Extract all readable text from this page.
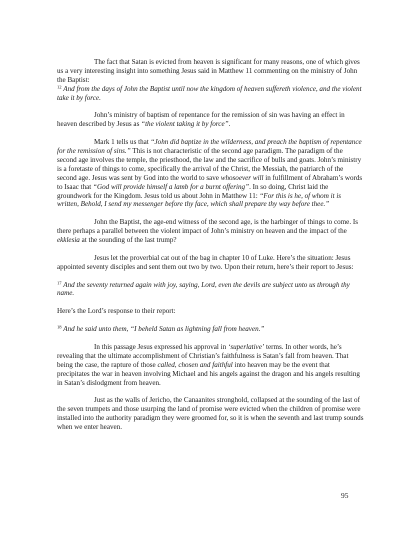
The fact that Satan is evicted from heaven is significant for many reasons, one of which gives us a very interesting insight into something Jesus said in Matthew 11 commenting on the ministry of John the Baptist:
$^{12}$ And from the days of John the Baptist until now the kingdom of heaven suffereth violence, and the violent take it by force.

John’s ministry of baptism of repentance for the remission of sin was having an effect in heaven described by Jesus as “the violent taking it by force”.

Mark 1 tells us that “John did baptize in the wilderness, and preach the baptism of repentance for the remission of sins.” This is not characteristic of the second age paradigm. The paradigm of the second age involves the temple, the priesthood, the law and the sacrifice of bulls and goats. John’s ministry is a foretaste of things to come, specifically the arrival of the Christ, the Messiah, the patriarch of the second age. Jesus was sent by God into the world to save whosoever will in fulfillment of Abraham’s words to Isaac that “God will provide himself a lamb for a burnt offering”. In so doing, Christ laid the groundwork for the Kingdom. Jesus told us about John in Matthew 11: “For this is he, of whom it is written, Behold, I send my messenger before thy face, which shall prepare thy way before thee.”

John the Baptist, the age-end witness of the second age, is the harbinger of things to come. Is there perhaps a parallel between the violent impact of John’s ministry on heaven and the impact of the ekklesia at the sounding of the last trump?

Jesus let the proverbial cat out of the bag in chapter 10 of Luke. Here’s the situation: Jesus appointed seventy disciples and sent them out two by two. Upon their return, here’s their report to Jesus:

$^{17}$ And the seventy returned again with joy, saying, Lord, even the devils are subject unto us through thy name.

Here’s the Lord’s response to their report:

$^{18}$ And he said unto them, “I beheld Satan as lightning fall from heaven.”

In this passage Jesus expressed his approval in ‘superlative’ terms. In other words, he’s revealing that the ultimate accomplishment of Christian’s faithfulness is Satan’s fall from heaven. That being the case, the rapture of those called, chosen and faithful into heaven may be the event that precipitates the war in heaven involving Michael and his angels against the dragon and his angels resulting in Satan’s dislodgment from heaven.

Just as the walls of Jericho, the Canaanites stronghold, collapsed at the sounding of the last of the seven trumpets and those usurping the land of promise were evicted when the children of promise were installed into the authority paradigm they were groomed for, so it is when the seventh and last trump sounds when we enter heaven.

95
